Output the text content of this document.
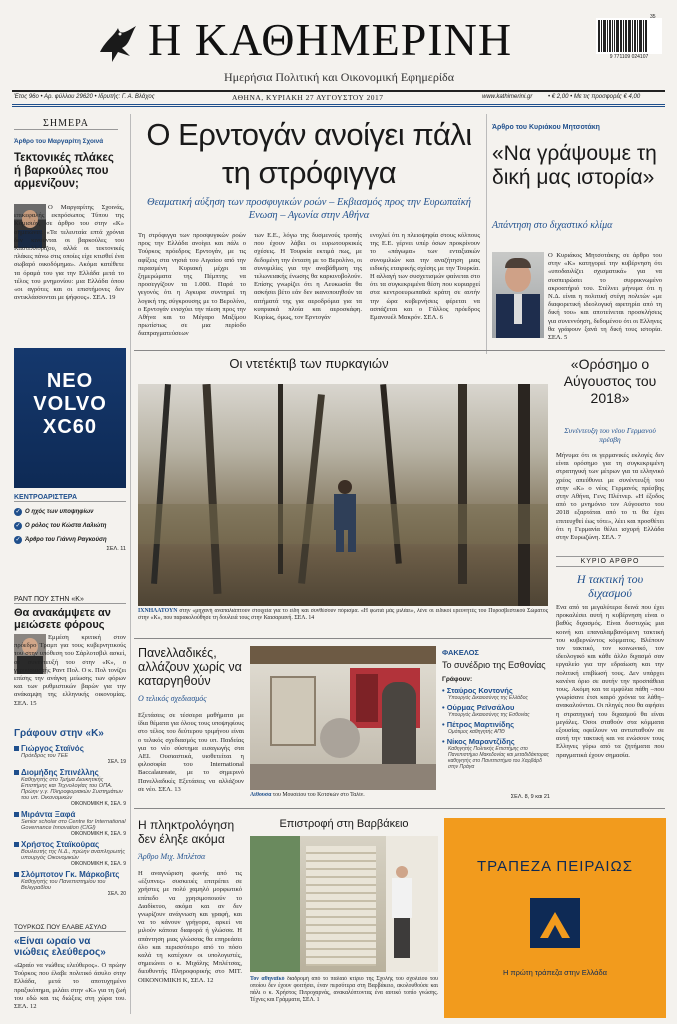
Η ΚΑΘΗΜΕΡΙΝΗ
Ημερήσια Πολιτική και Οικονομική Εφημερίδα
9 771109 024107
35
Έτος 96ο • Αρ. φύλλου 29620 • Ιδρυτής: Γ. Α. Βλάχος	ΑΘΗΝΑ, ΚΥΡΙΑΚΗ 27 ΑΥΓΟΥΣΤΟΥ 2017	www.kathimerini.gr	• € 2,00 • Με τις προσφορές € 4,00
ΣΗΜΕΡΑ
Άρθρο του Μαργαρίτη Σχοινά
Τεκτονικές πλάκες ή βαρκούλες που αρμενίζουν;
Ο Μαργαρίτης Σχοινάς, επικεφαλής εκπρόσωπος Τύπου της Κομισιόν, σε άρθρο του στην «Κ» σημειώνει: «Τα τελευταία επτά χρόνια δεν κινούνται οι βαρκούλες του Καστελλόριζου, αλλά οι τεκτονικές πλάκες πάνω στις οποίες είχε κτισθεί ένα σωβαρό οικοδόμημα». Ακόμα κατέθετε τα όραμά του για την Ελλάδα μετά το τέλος του μνημονίου: μια Ελλάδα όπου «οι αγρότες και οι επιστήμονες δεν αντικλάσσονται με ψήφους». ΣΕΛ. 19
ΝΕΟ
VOLVO
XC60
ΚΕΝΤΡΟΑΡΙΣΤΕΡΑ
✓ Ο ηχός των υποψηφίων
✓ Ο ρόλος του Κώστα Λαλιώτη
✓ Άρθρο του Γιάννη Ραγκούση
ΣΕΛ. 11
ΡΑΝΤ ΠΟΥ ΣΤΗΝ «Κ»
Θα ανακάμψετε αν μειώσετε φόρους
Εμμέση κριτική στον πρόεδρο Τραμπ για τους κυβερνητικούς του στην υπόθεση του Σάρλοτσβιλ ασκεί, σε συνέντευξή του στην «Κ», ο γερουσιαστής Ραντ Πολ. Ο κ. Πολ τονίζει επίσης την ανάγκη μείωσης των φόρων και των ρυθμιστικών βαρών για την ανάκαμψη της ελληνικής οικονομίας. ΣΕΛ. 15
Γράφουν στην «Κ»
Γιώργος Σταϊνός
Πρόεδρος του ΤΕΕ
ΣΕΛ. 19
Διομήδης Σπινέλλης
Καθηγητής στο Τμήμα Διοικητικής Επιστήμης και Τεχνολογίας του ΟΠΑ. Πρώην γ.γ. Πληροφοριακών Συστημάτων του υπ. Οικονομικών
ΟΙΚΟΝΟΜΙΚΗ Κ, ΣΕΛ. 9
Μιράντα Ξαφά
Senior scholar στο Centre for International Governance Innovation (CIGI)
ΟΙΚΟΝΟΜΙΚΗ Κ, ΣΕΛ. 9
Χρήστος Σταϊκούρας
Βουλευτής της Ν.Δ., πρώην αναπληρωτής υπουργός Οικονομικών
ΟΙΚΟΝΟΜΙΚΗ Κ, ΣΕΛ. 9
Σλόμποτον Γκ. Μάρκοβιτς
Καθηγητής του Πανεπιστημίου του Βελιγραδίου
ΣΕΛ. 20
ΤΟΥΡΚΟΣ ΠΟΥ ΕΛΑΒΕ ΑΣΥΛΟ
«Είναι ωραίο να νιώθεις ελεύθερος»
«Ωραίο να νιώθεις ελεύθερος». Ο πρώην Τούρκος που έλαβε πολιτικό άσυλο στην Ελλάδα, μετά το αποτυχημένο πραξικόπημα, μιλάει στην «Κ» για τη ζωή του εδώ και τις διώξεις στη χώρα του. ΣΕΛ. 12
Ο Ερντογάν ανοίγει πάλι τη στρόφιγγα
Θεαματική αύξηση των προσφυγικών ροών – Εκβιασμός προς την Ευρωπαϊκή Ενωση – Αγωνία στην Αθήνα
Τη στρόφιγγα των προσφυγικών ροών προς την Ελλάδα ανοίγει και πάλι ο Τούρκος πρόεδρος Ερντογάν, με τις αφίξεις στα νησιά του Αιγαίου από την περασμένη Κυριακή μέχρι τα ξημερώματα της Πέμπτης να προσεγγίζουν τα 1.000. Παρά το γεγονός ότι η Αγκυρα συντηρεί τη λογική της σύγκρουσης με το Βερολίνο, ο Ερντογάν ενισχύει την πίεση προς την Αθήνα και το Μέγαρο Μαξίμου πρωτίστως σε μια περίοδο διαπραγματεύσεων
των Ε.Ε., λόγω της δυσμενούς τροπής που έχουν λάβει οι ευρωτουρκικές σχέσεις. Η Τουρκία εκτιμά πως, με δεδομένη την ένταση με το Βερολίνο, οι συνομιλίες για την αναβάθμιση της τελωνειακής ένωσης θα καρκινοβολούν. Επίσης γνωρίζει ότι η Λευκωσία θα ασκήσει βέτο εάν δεν ικανοποιηθούν τα αιτήματά της για αεροδρόμια για τα κυπριακά πλοία και αεροσκάφη. Κυρίως, όμως, τον Ερντογάν
ενοχλεί ότι η πλειοψηφία στους κόλπους της Ε.Ε. γέρνει υπέρ όσων προκρίνουν το «πάγωμα» των ενταξιακών συνομιλιών και την αναζήτηση μιας ειδικής εταιρικής σχέσης με την Τουρκία. Η αλλαγή των συσχετισμών φαίνεται στο ότι τα συγκεκριμένα θέση που κυριαρχεί στα κεντροευρωπαϊκά κράτη σε αυτήν την ώρα κυβερνήσεις φέρεται να ασπάζεται και ο Γάλλος πρόεδρος Εμανουέλ Μακρόν. ΣΕΛ. 6
Οι ντετέκτιβ των πυρκαγιών
ΙΧΝΗΛΑΤΟΥΝ στην «μηχανή αναπαλιάπτουν στοιχεία για το είδη και συνθέσουν πόρισμα. «Η φωτιά μάς μιλάει», λένε οι ειδικοί ερευνητές του Πυροσβεστικού Σώματος στην «Κ», που παρακολούθησε τη δουλειά τους στην Καισαριανή. ΣΕΛ. 14
Άρθρο του Κυριάκου Μητσοτάκη
«Να γράψουμε τη δική μας ιστορία»
Απάντηση στο διχαστικό κλίμα
Ο Κυριάκος Μητσοτάκης σε άρθρο του στην «Κ» κατηγορεί την κυβέρνηση ότι «υποδαυλίζει σχισματικά» για να συσπειρώσει το συρρικνωμένο ακροατήριό του. Στέλνει μήνυμα ότι η Ν.Δ. είναι η πολιτική στέγη πολιτών «με διαφορετική ιδεολογική αφετηρία από τη δική του» και αποτείνεται προσκλήσεις για συνεννόηση, δεδομένου ότι οι Ελληνες θα γράφουν ξανά τη δική τους ιστορία. ΣΕΛ. 5
«Ορόσημο ο Αύγουστος του 2018»
Συνέντευξη του νέου Γερμανού πρέσβη
Μήνυμα ότι οι γερμανικές εκλογές δεν είναι ορόσημο για τη συγκεκριμένη στρατηγική των μέτρων για τα ελληνικό χρέος απεύθυνει με συνέντευξή του στην «Κ» ο νέος Γερμανός πρέσβης στην Αθήνα, Γενς Πλέτνερ. «Η έξοδος από το μνημόνιο τον Αύγουστο του 2018 εξαρτάται από το τι θα έχει επιτευχθεί έως τότε», λέει και προσθέτει ότι η Γερμανία θέλει ισχυρή Ελλάδα στην Ευρωζώνη. ΣΕΛ. 7
ΚΥΡΙΟ ΑΡΘΡΟ
Η τακτική του διχασμού
Ενα από τα μεγαλύτερα δεινά που έχει προκαλέσει αυτή η κυβέρνηση είναι ο βαθύς διχασμός. Είναι δυστυχώς μια κοινή και επαναλαμβανόμενη τακτική του κυβερνώντος κόμματος. Βλέπουν τον τακτικό, τον κοινωνικό, τον ιδεολογικό και κάθε άλλο διχασμό σαν εργαλείο για την εδραίωση και την πολιτική επιβίωσή τους. Δεν υπάρχει κανένα όριο σε αυτήν την προσπάθεια τους. Ακόμη και τα εμφύλια πάθη –που γνωρίσανε έτσι καιρό χρόνια τα λάθη– ανακαλούνται. Οι πληγές που θα αφήσει η στρατηγική του διχασμού θα είναι μεγάλες. Όσοι σταθούν στα κόμματα εξουσίας οφείλουν να αντισταθούν σε αυτή την τακτική και να ενώσουν τους Ελληνες γύρω από τα ζητήματα που πραγματικά έχουν σημασία.
Πανελλαδικές, αλλάζουν χωρίς να καταργηθούν
Ο τελικός σχεδιασμός
Εξετάσεις σε τέσσερα μαθήματα με ίδια θέματα για όλους τους υποψηφίους στο τέλος του δεύτερου τριμήνου είναι ο τελικός σχεδιασμός του υπ. Παιδείας για το νέο σύστημα εισαγωγής στα ΑΕΙ. Ουσιαστικά, υιοθετείται η φιλοσοφία του International Baccalaureate, με το σημερινό Πανελλαδικές Εξετάσεις να αλλάζουν σε νέο. ΣΕΛ. 13
Αίθουσα του Μουσείου του Κοτσκών στο Ταλίν.
ΦΑΚΕΛΟΣ
Το συνέδριο της Εσθονίας
Γράφουν:
• Σταύρος Κοντονής
Υπουργός Δικαιοσύνης της Ελλάδος
• Ούρμας Ρεϊνσάλου
Υπουργός Δικαιοσύνης της Εσθονίας
• Πέτρος Μαρτινίδης
Ομότιμος καθηγητής ΑΠΘ
• Νίκος Μαραντζίδης
Καθηγητής Πολιτικής Επιστήμης στο Πανεπιστήμιο Μακεδονίας και μεταδιδάκτορας καθηγητής στο Πανεπιστήμιο του Χαρβάρδ στην Πράγα
ΣΕΛ. 8, 9 και 21
Η πληκτρολόγηση δεν έληξε ακόμα
Άρθρο Μιχ. Μπλέτσα
Η αναγνώριση φωνής από τις «έξυπνες» συσκευές επιτρέπει σε χρήστες με πολύ χαμηλό μορφωτικό επίπεδο να χρησιμοποιούν το Διαδίκτυο, ακόμα και αν δεν γνωρίζουν ανάγνωση και γραφή, και να το κάνουν γρήγορα, αρκεί να μιλούν κάποια διαφορά ή γλώσσα. Η απάντηση μιας γλώσσας θα επηρεάσει όλο και περισσότερο από το πόσο καλά τη κατέχουν οι υπολογιστές, σημειώνει ο κ. Μιχάλης Μπλέτσας, διευθυντής Πληροφορικής στο ΜΙΤ. ΟΙΚΟΝΟΜΙΚΗ Κ, ΣΕΛ. 12
Επιστροφή στη Βαρβάκειο
Τον αθηναϊκό διαδρομή από το παλαιό κτίριο της Σχολής του σχολείου του οποίου δεν έχουν φοιτήσει, έναν περσότερα στη Βαρβάκειο, ακολουθούσε και πάλι ο κ. Χρήστος Πιτροχαρνάς, ανακαλύπτοντας ένα αυτικό τοπίο γνώσης. Τέχνες και Γράμματα, ΣΕΛ. 1
ΤΡΑΠΕΖΑ ΠΕΙΡΑΙΩΣ
Η πρώτη τράπεζα στην Ελλάδα
